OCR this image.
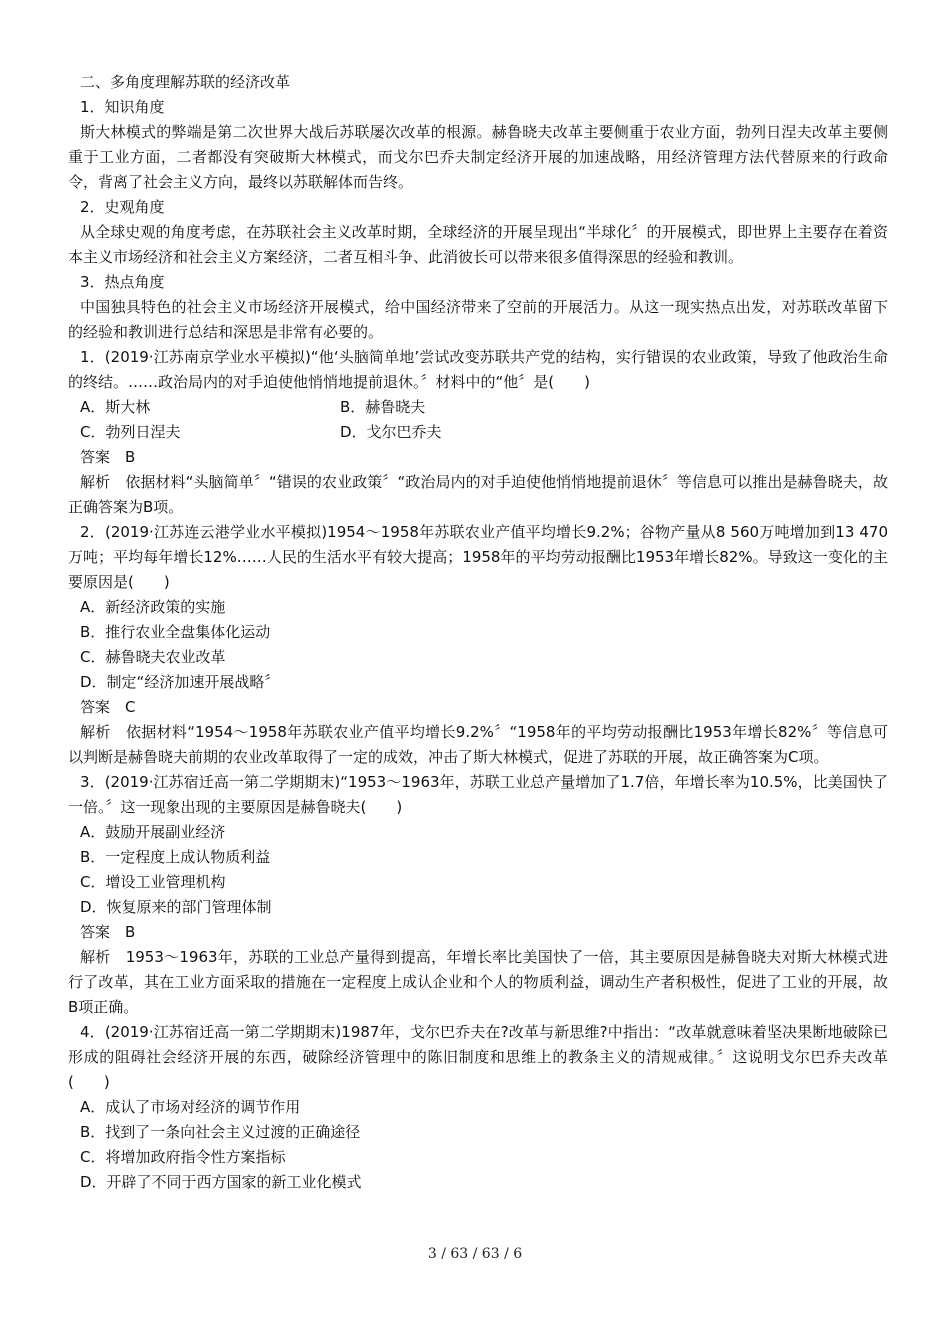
二、多角度理解苏联的经济改革
1．知识角度
斯大林模式的弊端是第二次世界大战后苏联屡次改革的根源。赫鲁晓夫改革主要侧重于农业方面，勃列日涅夫改革主要侧重于工业方面，二者都没有突破斯大林模式，而戈尔巴乔夫制定经济开展的加速战略，用经济管理方法代替原来的行政命令，背离了社会主义方向，最终以苏联解体而告终。
2．史观角度
从全球史观的角度考虑，在苏联社会主义改革时期，全球经济的开展呈现出“半球化〞的开展模式，即世界上主要存在着资本主义市场经济和社会主义方案经济，二者互相斗争、此消彼长可以带来很多值得深思的经验和教训。
3．热点角度
中国独具特色的社会主义市场经济开展模式，给中国经济带来了空前的开展活力。从这一现实热点出发，对苏联改革留下的经验和教训进行总结和深思是非常有必要的。
1．(2019·江苏南京学业水平模拟)“他‘头脑简单地’尝试改变苏联共产党的结构，实行错误的农业政策，导致了他政治生命的终结。……政治局内的对手迫使他悄悄地提前退休。〞材料中的“他〞是(　　)
A．斯大林	B．赫鲁晓夫
C．勃列日涅夫	D．戈尔巴乔夫
答案　B
解析　依据材料“头脑简单〞“错误的农业政策〞“政治局内的对手迫使他悄悄地提前退休〞等信息可以推出是赫鲁晓夫，故正确答案为B项。
2．(2019·江苏连云港学业水平模拟)1954～1958年苏联农业产值平均增长9.2%；谷物产量从8 560万吨增加到13 470万吨；平均每年增长12%……人民的生活水平有较大提高；1958年的平均劳动报酬比1953年增长82%。导致这一变化的主要原因是(　　)
A．新经济政策的实施
B．推行农业全盘集体化运动
C．赫鲁晓夫农业改革
D．制定“经济加速开展战略〞
答案　C
解析　依据材料“1954～1958年苏联农业产值平均增长9.2%〞“1958年的平均劳动报酬比1953年增长82%〞等信息可以判断是赫鲁晓夫前期的农业改革取得了一定的成效，冲击了斯大林模式，促进了苏联的开展，故正确答案为C项。
3．(2019·江苏宿迁高一第二学期期末)“1953～1963年，苏联工业总产量增加了1.7倍，年增长率为10.5%，比美国快了一倍。〞这一现象出现的主要原因是赫鲁晓夫(　　)
A．鼓励开展副业经济
B．一定程度上成认物质利益
C．增设工业管理机构
D．恢复原来的部门管理体制
答案　B
解析　1953～1963年，苏联的工业总产量得到提高，年增长率比美国快了一倍，其主要原因是赫鲁晓夫对斯大林模式进行了改革，其在工业方面采取的措施在一定程度上成认企业和个人的物质利益，调动生产者积极性，促进了工业的开展，故B项正确。
4．(2019·江苏宿迁高一第二学期期末)1987年，戈尔巴乔夫在?改革与新思维?中指出：“改革就意味着坚决果断地破除已形成的阻碍社会经济开展的东西，破除经济管理中的陈旧制度和思维上的教条主义的清规戒律。〞这说明戈尔巴乔夫改革(　　)
A．成认了市场对经济的调节作用
B．找到了一条向社会主义过渡的正确途径
C．将增加政府指令性方案指标
D．开辟了不同于西方国家的新工业化模式
3 / 63 / 63 / 6
